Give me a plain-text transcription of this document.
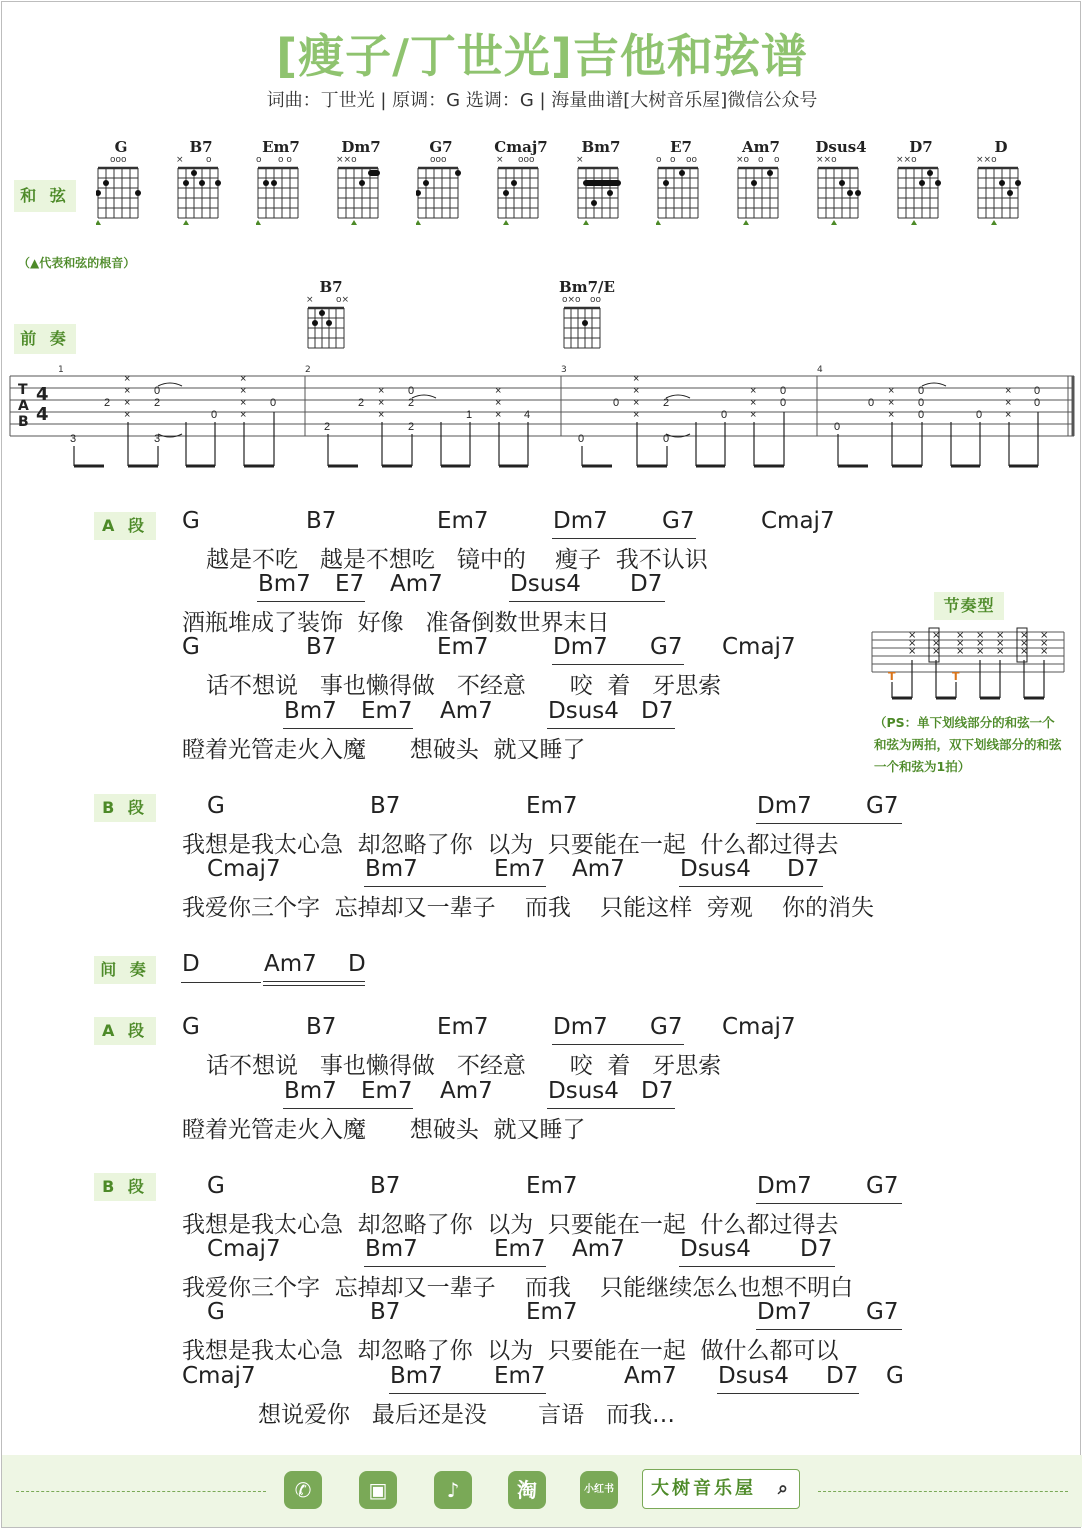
[瘦子/丁世光]吉他和弦谱
词曲：丁世光 | 原调：G 选调：G | 海量曲谱[大树音乐屋]微信公众号
和 弦
G
ooo
B7
× o
Em7
o o o
Dm7
××o
G7
ooo
Cmaj7
× ooo
Bm7
×
E7
o o oo
Am7
×o o o
Dsus4
××o
D7
××o
D
××o
（▲代表和弦的根音）
前 奏
B7
× o×
Bm7/E
o×o oo
T
A
B
4
4
1	2	3	4
3
2
×
×
×
×
0
2
3
0
×
×
×
×
0
2
2
×
×
×
0
2
2
1
×
×
× 4
0
0
×
×
×
×
2
0
0
×
×
×
0
0
0
0
×
×
×
0
0
0	0
×
×
×
0
0
A 段	G	B7	Em7	Dm7 G7	Cmaj7
越是不吃   越是不想吃   镜中的    瘦子  我不认识
Bm7 E7 Am7	Dsus4 D7
酒瓶堆成了装饰  好像   准备倒数世界末日
G	B7	Em7	Dm7 G7 Cmaj7
话不想说   事也懒得做   不经意      咬  着   牙思索
Bm7 Em7 Am7 Dsus4 D7
瞪着光管走火入魔      想破头  就又睡了
节奏型
×
×
×
×
×
×
×
×
×
×
×
×
×
×
×
×
×
×
×
×
×
T	T
（PS：单下划线部分的和弦一个和弦为两拍，双下划线部分的和弦一个和弦为1拍）
B 段	G	B7	Em7	Dm7 G7
我想是我太心急  却忽略了你  以为  只要能在一起  什么都过得去
Cmaj7	Bm7	Em7 Am7 Dsus4 D7
我爱你三个字  忘掉却又一辈子    而我    只能这样  旁观    你的消失
间 奏 D	Am7 D
A 段	G	B7	Em7	Dm7 G7 Cmaj7
话不想说   事也懒得做   不经意      咬  着   牙思索
Bm7 Em7 Am7 Dsus4 D7
瞪着光管走火入魔      想破头  就又睡了
B 段	G	B7	Em7	Dm7 G7
我想是我太心急  却忽略了你  以为  只要能在一起  什么都过得去
Cmaj7	Bm7	Em7 Am7 Dsus4 D7
我爱你三个字  忘掉却又一辈子    而我    只能继续怎么也想不明白
G	B7	Em7	Dm7 G7
我想是我太心急  却忽略了你  以为  只要能在一起  做什么都可以
Cmaj7	Bm7 Em7	Am7 Dsus4 D7 G
想说爱你   最后还是没       言语   而我…
✆	▣	♪	淘	小红书	大树音乐屋 ⌕
